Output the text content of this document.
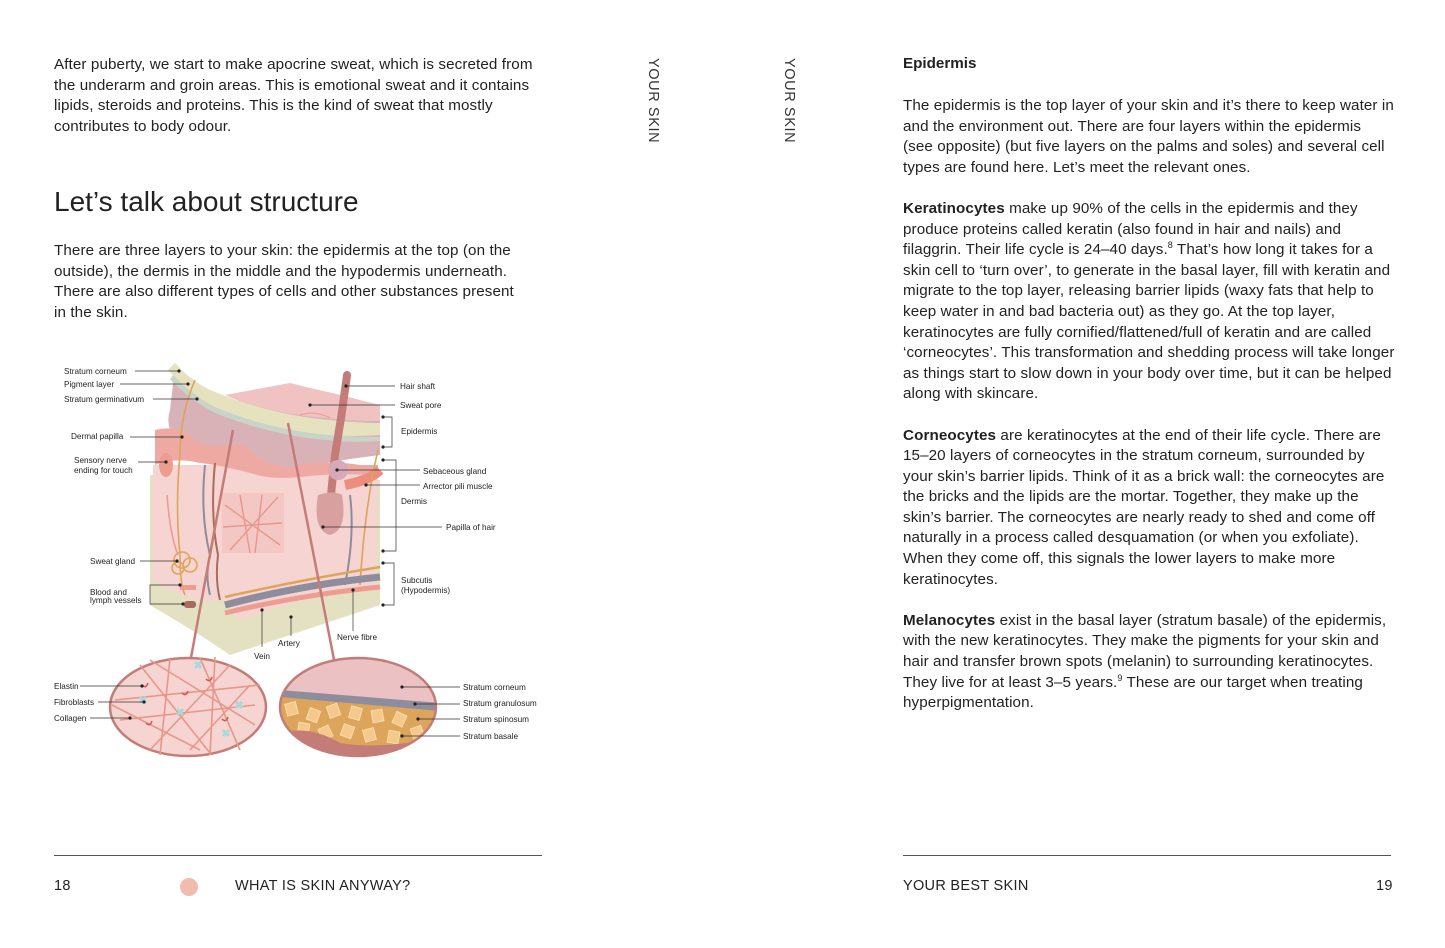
After puberty, we start to make apocrine sweat, which is secreted from the underarm and groin areas. This is emotional sweat and it contains lipids, steroids and proteins. This is the kind of sweat that mostly contributes to body odour.

Let’s talk about structure

There are three layers to your skin: the epidermis at the top (on the outside), the dermis in the middle and the hypodermis underneath. There are also different types of cells and other substances present in the skin.

Stratum corneum
Pigment layer
Stratum germinativum
Dermal papilla
Sensory nerve
ending for touch
Sweat gland
Blood and
lymph vessels
Hair shaft
Sweat pore
Epidermis
Sebaceous gland
Arrector pili muscle
Dermis
Papilla of hair
Subcutis
(Hypodermis)
Vein
Artery
Nerve fibre
Elastin
Fibroblasts
Collagen
Stratum corneum
Stratum granulosum
Stratum spinosum
Stratum basale
YOUR SKIN
18	WHAT IS SKIN ANYWAY?
YOUR SKIN	Epidermis

The epidermis is the top layer of your skin and it’s there to keep water in and the environment out. There are four layers within the epidermis (see opposite) (but five layers on the palms and soles) and several cell types are found here. Let’s meet the relevant ones.

Keratinocytes make up 90% of the cells in the epidermis and they produce proteins called keratin (also found in hair and nails) and filaggrin. Their life cycle is 24–40 days.$^8$ That’s how long it takes for a skin cell to ‘turn over’, to generate in the basal layer, fill with keratin and migrate to the top layer, releasing barrier lipids (waxy fats that help to keep water in and bad bacteria out) as they go. At the top layer, keratinocytes are fully cornified/flattened/full of keratin and are called ‘corneocytes’. This transformation and shedding process will take longer as things start to slow down in your body over time, but it can be helped along with skincare.

Corneocytes are keratinocytes at the end of their life cycle. There are 15–20 layers of corneocytes in the stratum corneum, surrounded by your skin’s barrier lipids. Think of it as a brick wall: the corneocytes are the bricks and the lipids are the mortar. Together, they make up the skin’s barrier. The corneocytes are nearly ready to shed and come off naturally in a process called desquamation (or when you exfoliate). When they come off, this signals the lower layers to make more keratinocytes.

Melanocytes exist in the basal layer (stratum basale) of the epidermis, with the new keratinocytes. They make the pigments for your skin and hair and transfer brown spots (melanin) to surrounding keratinocytes. They live for at least 3–5 years.$^9$ These are our target when treating hyperpigmentation.

YOUR BEST SKIN	19
